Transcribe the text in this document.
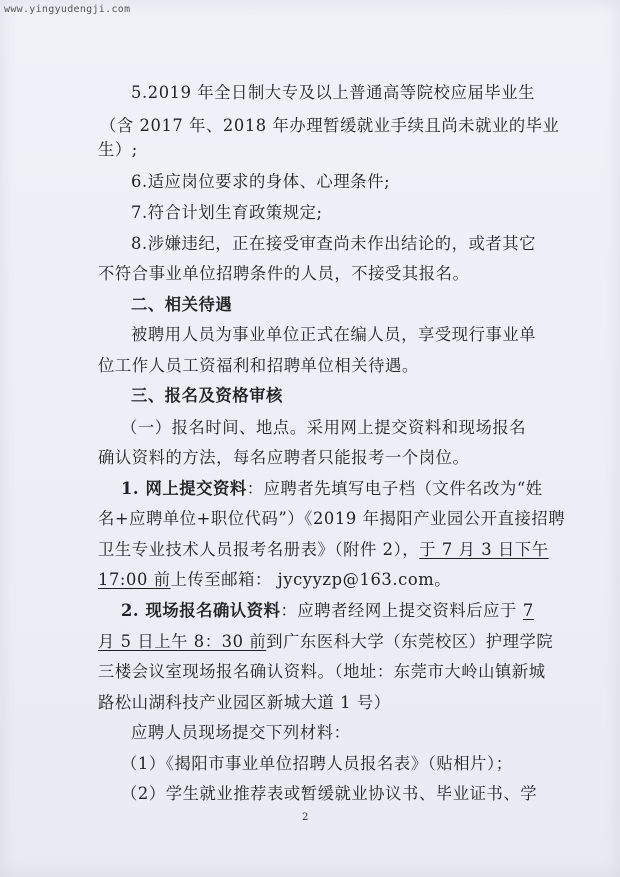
www.yingyudengji.com
5.2019 年全日制大专及以上普通高等院校应届毕业生
（含 2017 年、2018 年办理暂缓就业手续且尚未就业的毕业
生）;
6.适应岗位要求的身体、心理条件;
7.符合计划生育政策规定;
8.涉嫌违纪，正在接受审查尚未作出结论的，或者其它
不符合事业单位招聘条件的人员，不接受其报名。
二、相关待遇
被聘用人员为事业单位正式在编人员，享受现行事业单
位工作人员工资福利和招聘单位相关待遇。
三、报名及资格审核
（一）报名时间、地点。采用网上提交资料和现场报名
确认资料的方法，每名应聘者只能报考一个岗位。
1. 网上提交资料：应聘者先填写电子档（文件名改为“姓
名+应聘单位+职位代码”）《2019 年揭阳产业园公开直接招聘
卫生专业技术人员报考名册表》（附件 2），于 7 月 3 日下午
17:00 前上传至邮箱： jycyyzp@163.com。
2. 现场报名确认资料：应聘者经网上提交资料后应于 7
月 5 日上午 8：30 前到广东医科大学（东莞校区）护理学院
三楼会议室现场报名确认资料。（地址：东莞市大岭山镇新城
路松山湖科技产业园区新城大道 1 号）
应聘人员现场提交下列材料：
（1）《揭阳市事业单位招聘人员报名表》（贴相片）；
（2）学生就业推荐表或暂缓就业协议书、毕业证书、学
2
